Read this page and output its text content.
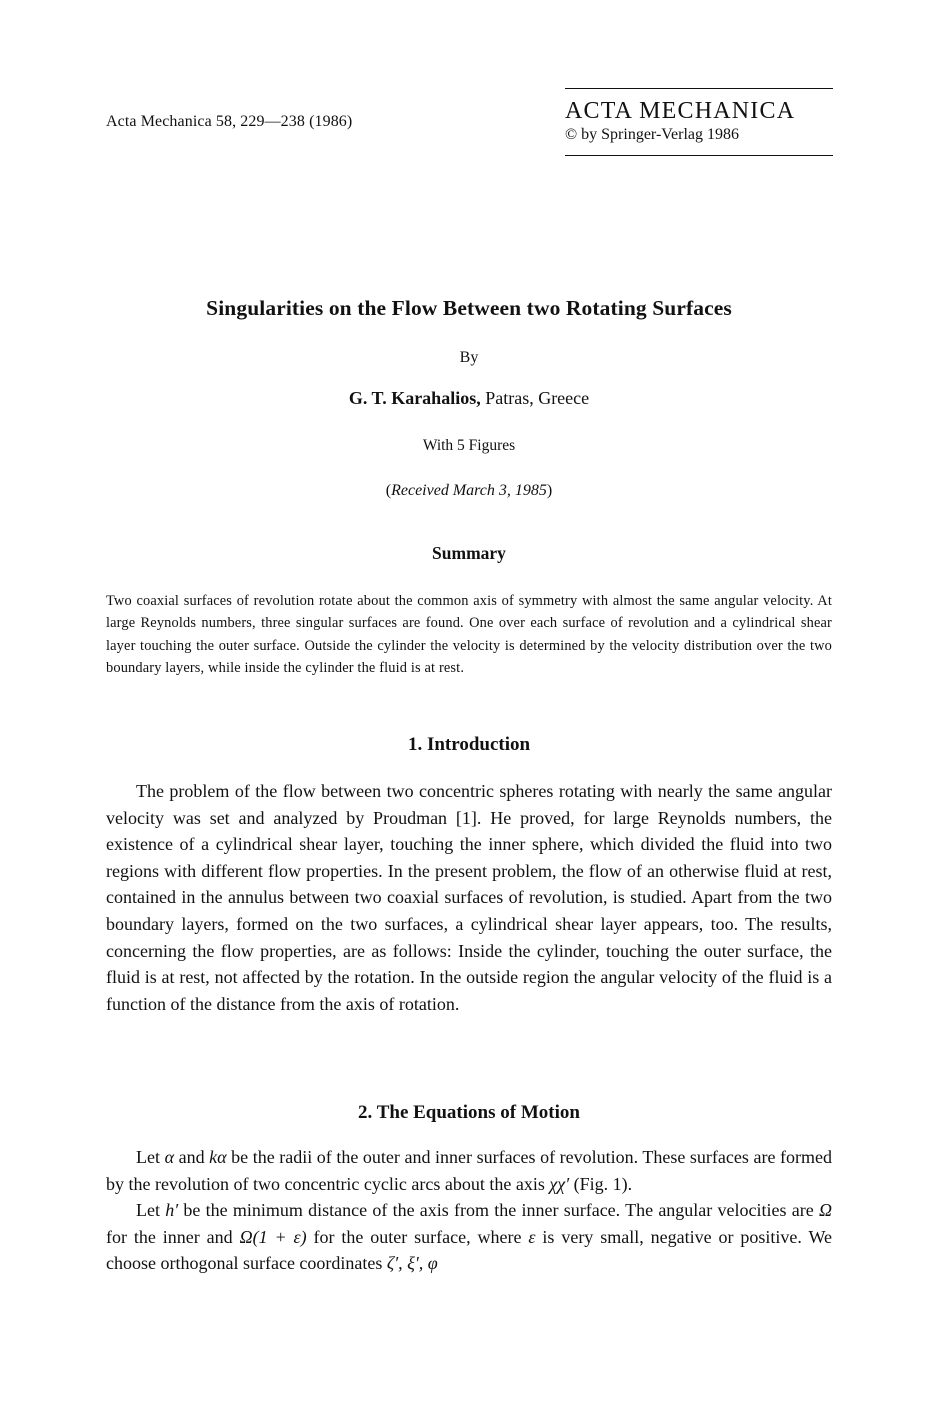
Acta Mechanica 58, 229—238 (1986)	ACTA MECHANICA
© by Springer-Verlag 1986
Singularities on the Flow Between two Rotating Surfaces
By
G. T. Karahalios, Patras, Greece
With 5 Figures
(Received March 3, 1985)
Summary
Two coaxial surfaces of revolution rotate about the common axis of symmetry with almost the same angular velocity. At large Reynolds numbers, three singular surfaces are found. One over each surface of revolution and a cylindrical shear layer touching the outer surface. Outside the cylinder the velocity is determined by the velocity distribution over the two boundary layers, while inside the cylinder the fluid is at rest.
1. Introduction

The problem of the flow between two concentric spheres rotating with nearly the same angular velocity was set and analyzed by Proudman [1]. He proved, for large Reynolds numbers, the existence of a cylindrical shear layer, touching the inner sphere, which divided the fluid into two regions with different flow properties. In the present problem, the flow of an otherwise fluid at rest, contained in the annulus between two coaxial surfaces of revolution, is studied. Apart from the two boundary layers, formed on the two surfaces, a cylindrical shear layer appears, too. The results, concerning the flow properties, are as follows: Inside the cylinder, touching the outer surface, the fluid is at rest, not affected by the rotation. In the outside region the angular velocity of the fluid is a function of the distance from the axis of rotation.

2. The Equations of Motion

Let α and kα be the radii of the outer and inner surfaces of revolution. These surfaces are formed by the revolution of two concentric cyclic arcs about the axis χχ′ (Fig. 1).

Let h′ be the minimum distance of the axis from the inner surface. The angular velocities are Ω for the inner and Ω(1 + ε) for the outer surface, where ε is very small, negative or positive. We choose orthogonal surface coordinates ζ′, ξ′, φ
